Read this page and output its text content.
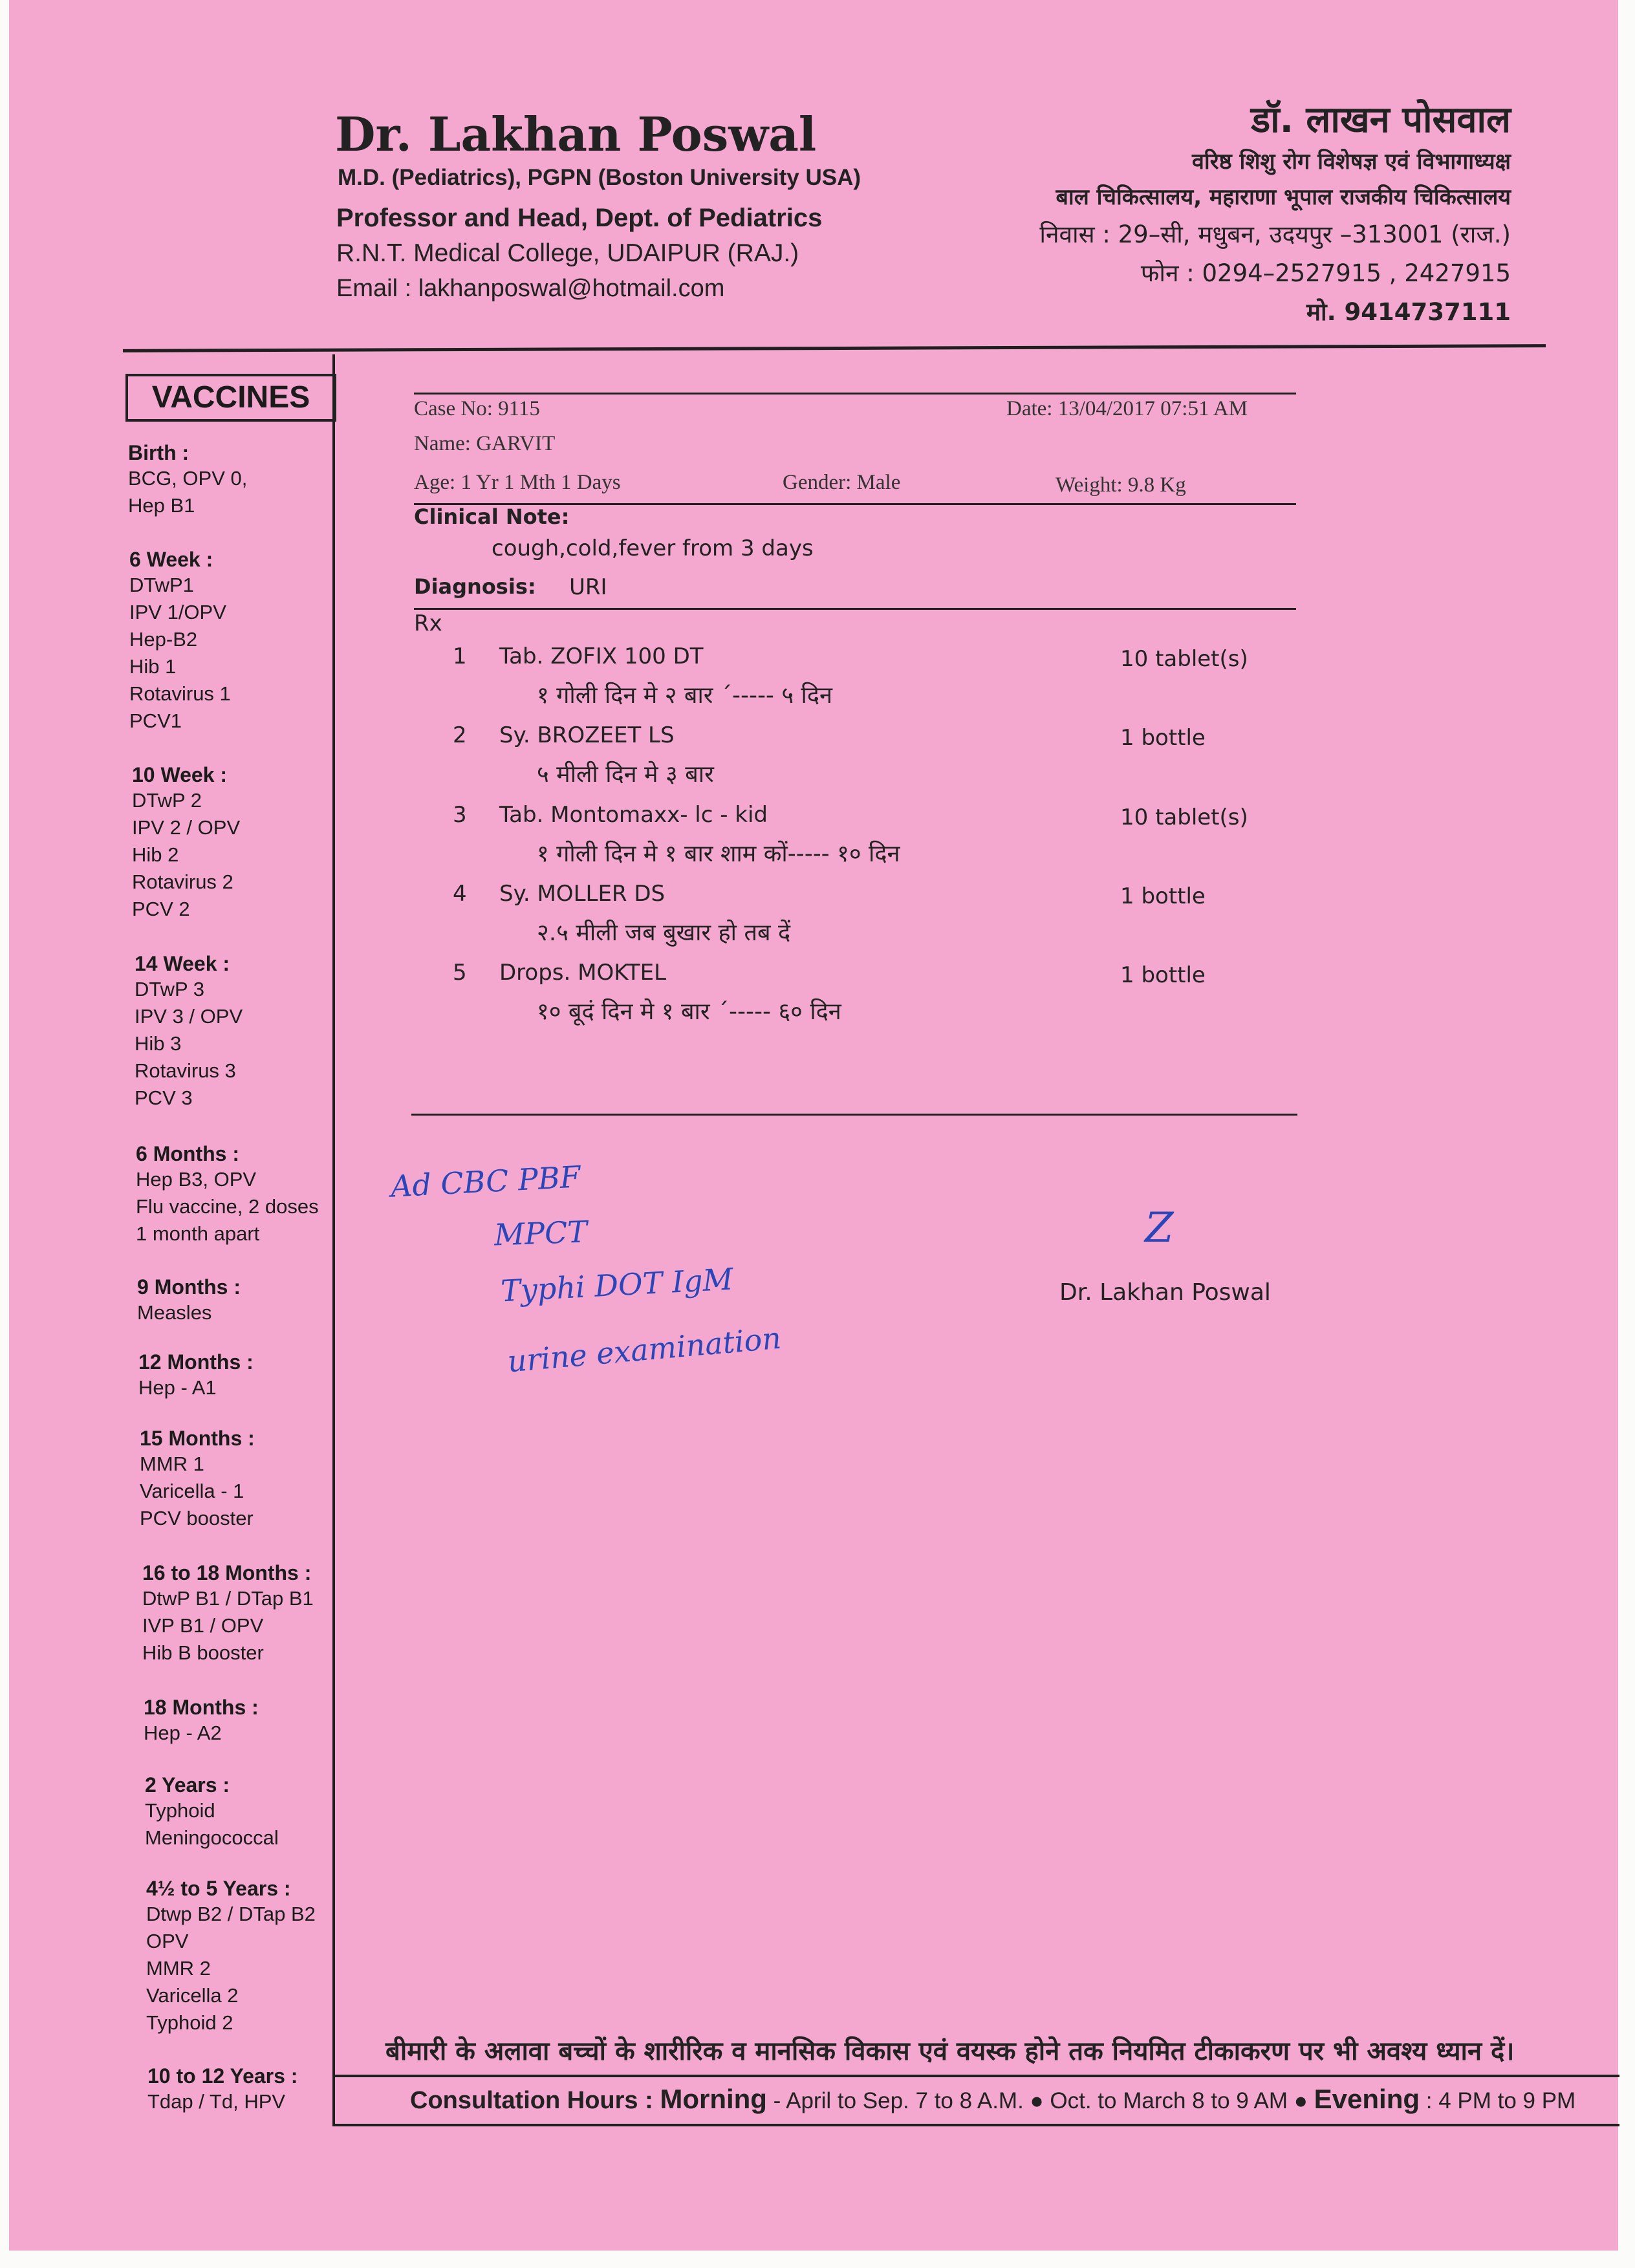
Dr. Lakhan Poswal
M.D. (Pediatrics), PGPN (Boston University USA)
Professor and Head, Dept. of Pediatrics
R.N.T. Medical College, UDAIPUR (RAJ.)
Email : lakhanposwal@hotmail.com
डॉ. लाखन पोसवाल
वरिष्ठ शिशु रोग विशेषज्ञ एवं विभागाध्यक्ष
बाल चिकित्सालय, महाराणा भूपाल राजकीय चिकित्सालय
निवास : 29–सी, मधुबन, उदयपुर –313001 (राज.)
फोन : 0294–2527915 , 2427915
मो. 9414737111
VACCINES
Birth :
BCG, OPV 0,
Hep B1
6 Week :
DTwP1
IPV 1/OPV
Hep-B2
Hib 1
Rotavirus 1
PCV1
10 Week :
DTwP 2
IPV 2 / OPV
Hib 2
Rotavirus 2
PCV 2
14 Week :
DTwP 3
IPV 3 / OPV
Hib 3
Rotavirus 3
PCV 3
6 Months :
Hep B3, OPV
Flu vaccine, 2 doses
1 month apart
9 Months :
Measles
12 Months :
Hep - A1
15 Months :
MMR 1
Varicella - 1
PCV booster
16 to 18 Months :
DtwP B1 / DTap B1
IVP B1 / OPV
Hib B booster
18 Months :
Hep - A2
2 Years :
Typhoid
Meningococcal
4½ to 5 Years :
Dtwp B2 / DTap B2
OPV
MMR 2
Varicella 2
Typhoid 2
10 to 12 Years :
Tdap / Td, HPV
Case No: 9115	Date: 13/04/2017 07:51 AM
Name: GARVIT
Age: 1 Yr 1 Mth 1 Days	Gender: Male	Weight: 9.8 Kg
Clinical Note:
cough,cold,fever from 3 days
Diagnosis: URI
Rx
1 Tab. ZOFIX 100 DT	10 tablet(s)
१ गोली दिन मे २ बार ˊ----- ५ दिन
2 Sy. BROZEET LS	1 bottle
५ मीली दिन मे ३ बार
3 Tab. Montomaxx- lc - kid	10 tablet(s)
१ गोली दिन मे १ बार शाम कों----- १० दिन
4 Sy. MOLLER DS	1 bottle
२.५ मीली जब बुखार हो तब दें
5 Drops. MOKTEL	1 bottle
१० बूदं दिन मे १ बार ˊ----- ६० दिन
Ad CBC PBF
MPCT
Typhi DOT IgM
urine examination
Z
Dr. Lakhan Poswal
बीमारी के अलावा बच्चों के शारीरिक व मानसिक विकास एवं वयस्क होने तक नियमित टीकाकरण पर भी अवश्य ध्यान दें।
Consultation Hours : Morning - April to Sep. 7 to 8 A.M. ● Oct. to March 8 to 9 AM ● Evening : 4 PM to 9 PM
